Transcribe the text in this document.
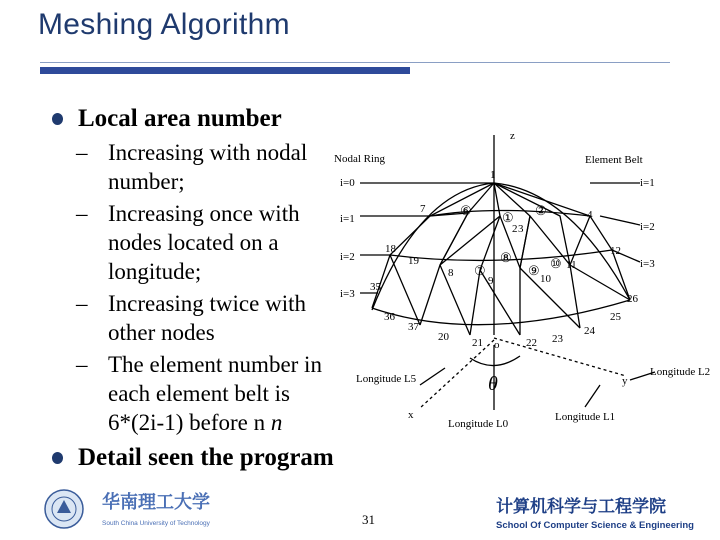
Meshing Algorithm
Local area number
– Increasing with nodal
number;
– Increasing once with
nodes located on a
longitude;
– Increasing twice with
other nodes
– The element number in
each element belt is
6*(2i-1) before n n
Detail seen the program
z
x
y
o
θ
Nodal Ring	Element Belt
i=0
i=1
i=2
i=3
i=1
i=2
i=3
Longitude L5
Longitude L0
Longitude L1
Longitude L2
1
2 3
4
7
8
9	10
11
12
18
19
20 21	22 23
24
25
26
35
36
37
① ②
⑥
⑦
⑧
⑨ ⑩
华南理工大学
South China University of Technology	31
计算机科学与工程学院
School Of Computer Science & Engineering
